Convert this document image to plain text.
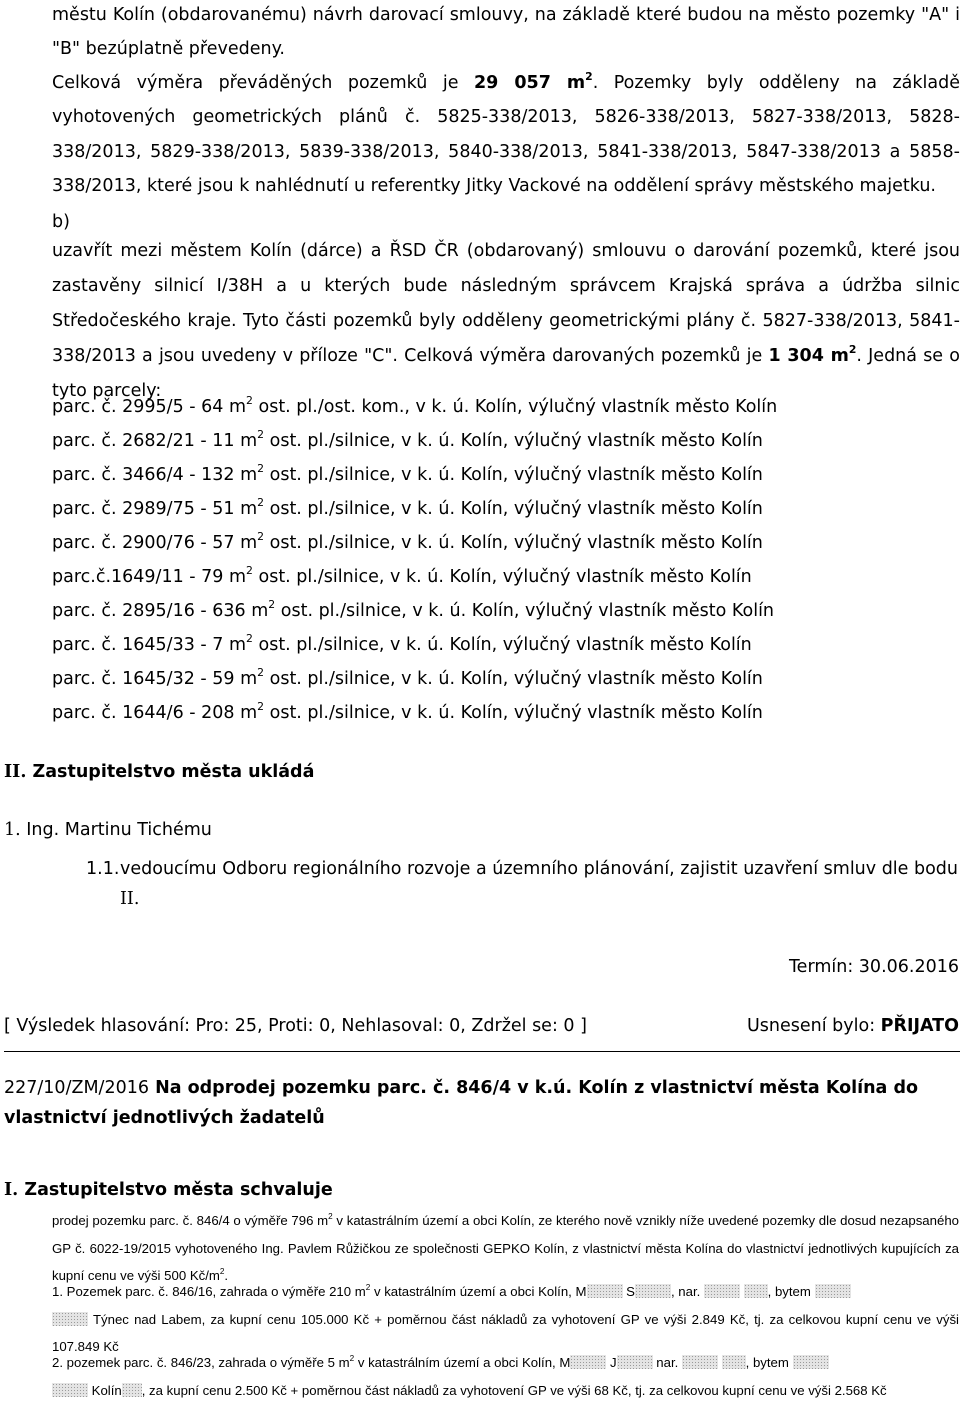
městu Kolín (obdarovanému) návrh darovací smlouvy, na základě které budou na město pozemky "A" i "B" bezúplatně převedeny.
Celková výměra převáděných pozemků je 29 057 $m^2$. Pozemky byly odděleny na základě vyhotovených geometrických plánů č. 5825-338/2013, 5826-338/2013, 5827-338/2013, 5828-338/2013, 5829-338/2013, 5839-338/2013, 5840-338/2013, 5841-338/2013, 5847-338/2013 a 5858-338/2013, které jsou k nahlédnutí u referentky Jitky Vackové na oddělení správy městského majetku.

b)

uzavřít mezi městem Kolín (dárce) a ŘSD ČR (obdarovaný) smlouvu o darování pozemků, které jsou zastavěny silnicí I/38H a u kterých bude následným správcem Krajská správa a údržba silnic Středočeského kraje. Tyto části pozemků byly odděleny geometrickými plány č. 5827-338/2013, 5841-338/2013 a jsou uvedeny v příloze "C". Celková výměra darovaných pozemků je 1 304 $m^2$. Jedná se o tyto parcely:

parc. č. 2995/5 - 64 $m^2$ ost. pl./ost. kom., v k. ú. Kolín, výlučný vlastník město Kolín
parc. č. 2682/21 - 11 $m^2$ ost. pl./silnice, v k. ú. Kolín, výlučný vlastník město Kolín
parc. č. 3466/4 - 132 $m^2$ ost. pl./silnice, v k. ú. Kolín, výlučný vlastník město Kolín
parc. č. 2989/75 - 51 $m^2$ ost. pl./silnice, v k. ú. Kolín, výlučný vlastník město Kolín
parc. č. 2900/76 - 57 $m^2$ ost. pl./silnice, v k. ú. Kolín, výlučný vlastník město Kolín
parc.č.1649/11 - 79 $m^2$ ost. pl./silnice, v k. ú. Kolín, výlučný vlastník město Kolín
parc. č. 2895/16 - 636 $m^2$ ost. pl./silnice, v k. ú. Kolín, výlučný vlastník město Kolín
parc. č. 1645/33 - 7 $m^2$ ost. pl./silnice, v k. ú. Kolín, výlučný vlastník město Kolín
parc. č. 1645/32 - 59 $m^2$ ost. pl./silnice, v k. ú. Kolín, výlučný vlastník město Kolín
parc. č. 1644/6 - 208 $m^2$ ost. pl./silnice, v k. ú. Kolín, výlučný vlastník město Kolín
II. Zastupitelstvo města ukládá
1. Ing. Martinu Tichému
1.1. vedoucímu Odboru regionálního rozvoje a územního plánování, zajistit uzavření smluv dle bodu
II.
Termín: 30.06.2016
[ Výsledek hlasování: Pro: 25, Proti: 0, Nehlasoval: 0, Zdržel se: 0 ]	Usnesení bylo: PŘIJATO
227/10/ZM/2016 Na odprodej pozemku parc. č. 846/4 v k.ú. Kolín z vlastnictví města Kolína do
vlastnictví jednotlivých žadatelů
I. Zastupitelstvo města schvaluje

prodej pozemku parc. č. 846/4 o výměře 796 $m^2$ v katastrálním území a obci Kolín, ze kterého nově vznikly níže uvedené pozemky dle dosud nezapsaného GP č. 6022-19/2015 vyhotoveného Ing. Pavlem Růžičkou ze společnosti GEPKO Kolín, z vlastnictví města Kolína do vlastnictví jednotlivých kupujících za kupní cenu ve výši 500 $Kč/m^2$.

1. Pozemek parc. č. 846/16, zahrada o výměře 210 $m^2$ v katastrálním území a obci Kolín, M	S	, nar.	, bytem
Týnec nad Labem, za kupní cenu 105.000 Kč + poměrnou část nákladů za vyhotovení GP ve výši 2.849 Kč, tj. za celkovou kupní cenu ve výši 107.849 Kč

2. pozemek parc. č. 846/23, zahrada o výměře 5 $m^2$ v katastrálním území a obci Kolín, M	J	nar.	, bytem
Kolín , za kupní cenu 2.500 Kč + poměrnou část nákladů za vyhotovení GP ve výši 68 Kč, tj. za celkovou kupní cenu ve výši 2.568 Kč
